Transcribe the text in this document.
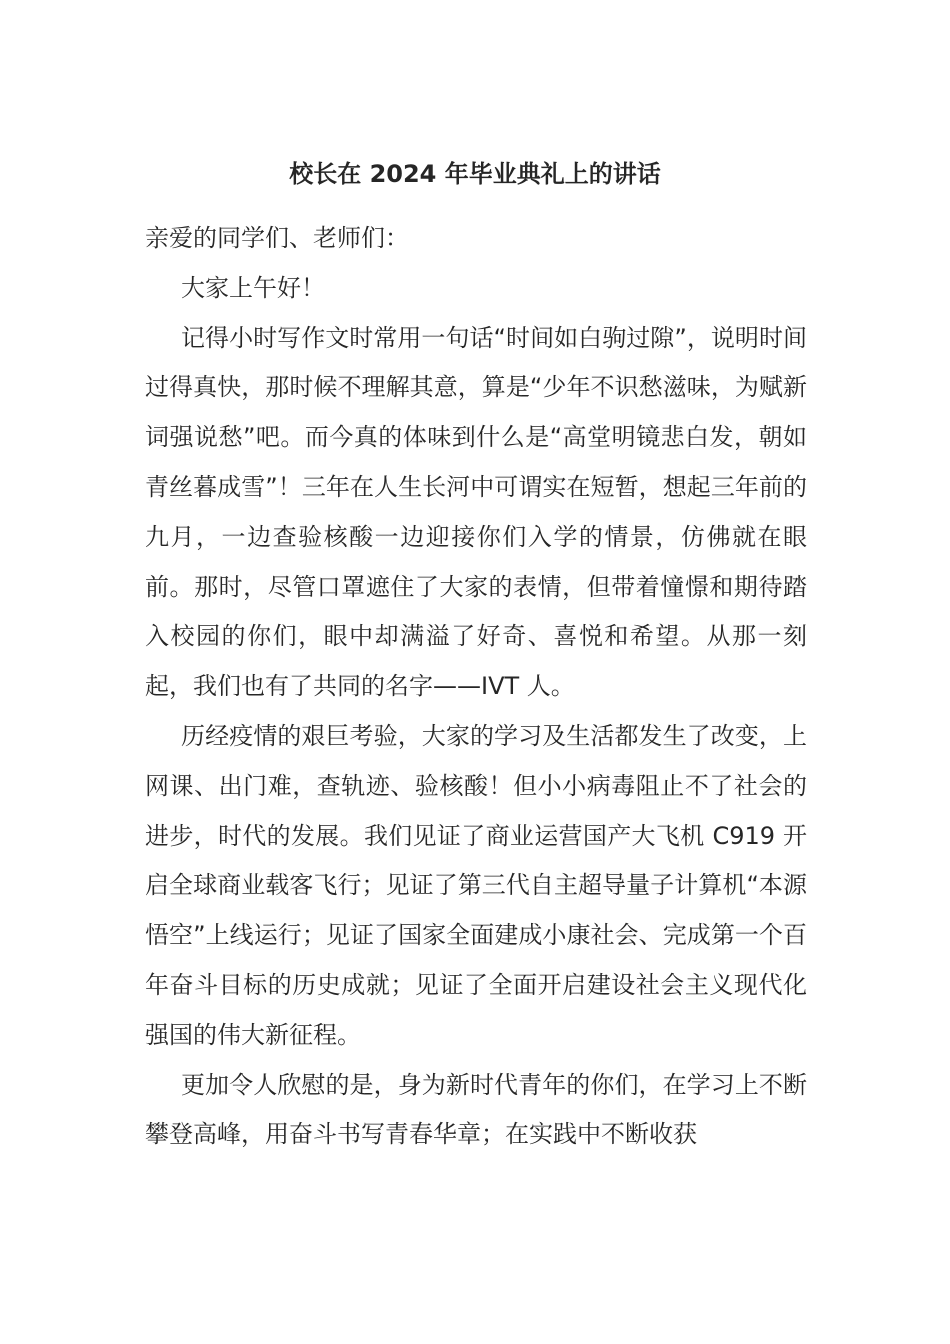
校长在 2024 年毕业典礼上的讲话

亲爱的同学们、老师们：

大家上午好！

记得小时写作文时常用一句话“时间如白驹过隙”，说明时间过得真快，那时候不理解其意，算是“少年不识愁滋味，为赋新词强说愁”吧。而今真的体味到什么是“高堂明镜悲白发，朝如青丝暮成雪”！三年在人生长河中可谓实在短暂，想起三年前的九月，一边查验核酸一边迎接你们入学的情景，仿佛就在眼前。那时，尽管口罩遮住了大家的表情，但带着憧憬和期待踏入校园的你们，眼中却满溢了好奇、喜悦和希望。从那一刻起，我们也有了共同的名字——IVT 人。

历经疫情的艰巨考验，大家的学习及生活都发生了改变，上网课、出门难，查轨迹、验核酸！但小小病毒阻止不了社会的进步，时代的发展。我们见证了商业运营国产大飞机 C919 开启全球商业载客飞行；见证了第三代自主超导量子计算机“本源悟空”上线运行；见证了国家全面建成小康社会、完成第一个百年奋斗目标的历史成就；见证了全面开启建设社会主义现代化强国的伟大新征程。

更加令人欣慰的是，身为新时代青年的你们，在学习上不断攀登高峰，用奋斗书写青春华章；在实践中不断收获
